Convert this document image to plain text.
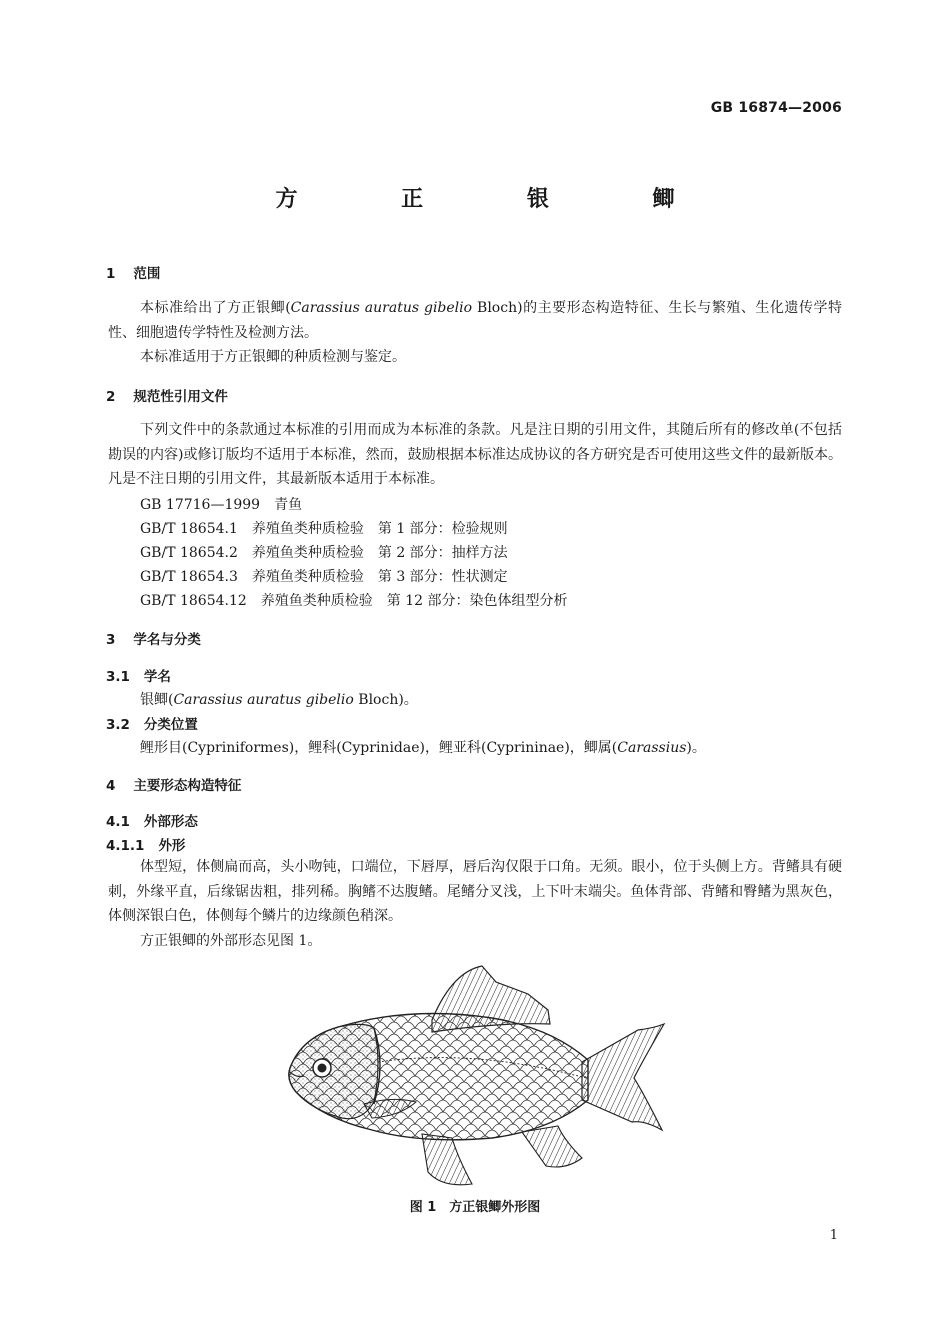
GB 16874—2006
方 正 银 鲫
1 范围

本标准给出了方正银鲫(Carassius auratus gibelio Bloch)的主要形态构造特征、生长与繁殖、生化遗传学特性、细胞遗传学特性及检测方法。

本标准适用于方正银鲫的种质检测与鉴定。

2 规范性引用文件

下列文件中的条款通过本标准的引用而成为本标准的条款。凡是注日期的引用文件，其随后所有的修改单(不包括勘误的内容)或修订版均不适用于本标准，然而，鼓励根据本标准达成协议的各方研究是否可使用这些文件的最新版本。凡是不注日期的引用文件，其最新版本适用于本标准。

GB 17716—1999 青鱼
GB/T 18654.1 养殖鱼类种质检验　第 1 部分：检验规则
GB/T 18654.2 养殖鱼类种质检验　第 2 部分：抽样方法
GB/T 18654.3 养殖鱼类种质检验　第 3 部分：性状测定
GB/T 18654.12 养殖鱼类种质检验　第 12 部分：染色体组型分析
3 学名与分类
3.1 学名
银鲫(Carassius auratus gibelio Bloch)。
3.2 分类位置
鲤形目(Cypriniformes)，鲤科(Cyprinidae)，鲤亚科(Cyprininae)，鲫属(Carassius)。
4 主要形态构造特征
4.1 外部形态
4.1.1 外形

体型短，体侧扁而高，头小吻钝，口端位，下唇厚，唇后沟仅限于口角。无须。眼小，位于头侧上方。背鳍具有硬刺，外缘平直，后缘锯齿粗，排列稀。胸鳍不达腹鳍。尾鳍分叉浅，上下叶末端尖。鱼体背部、背鳍和臀鳍为黑灰色，体侧深银白色，体侧每个鳞片的边缘颜色稍深。

方正银鲫的外部形态见图 1。

图 1　方正银鲫外形图
1
